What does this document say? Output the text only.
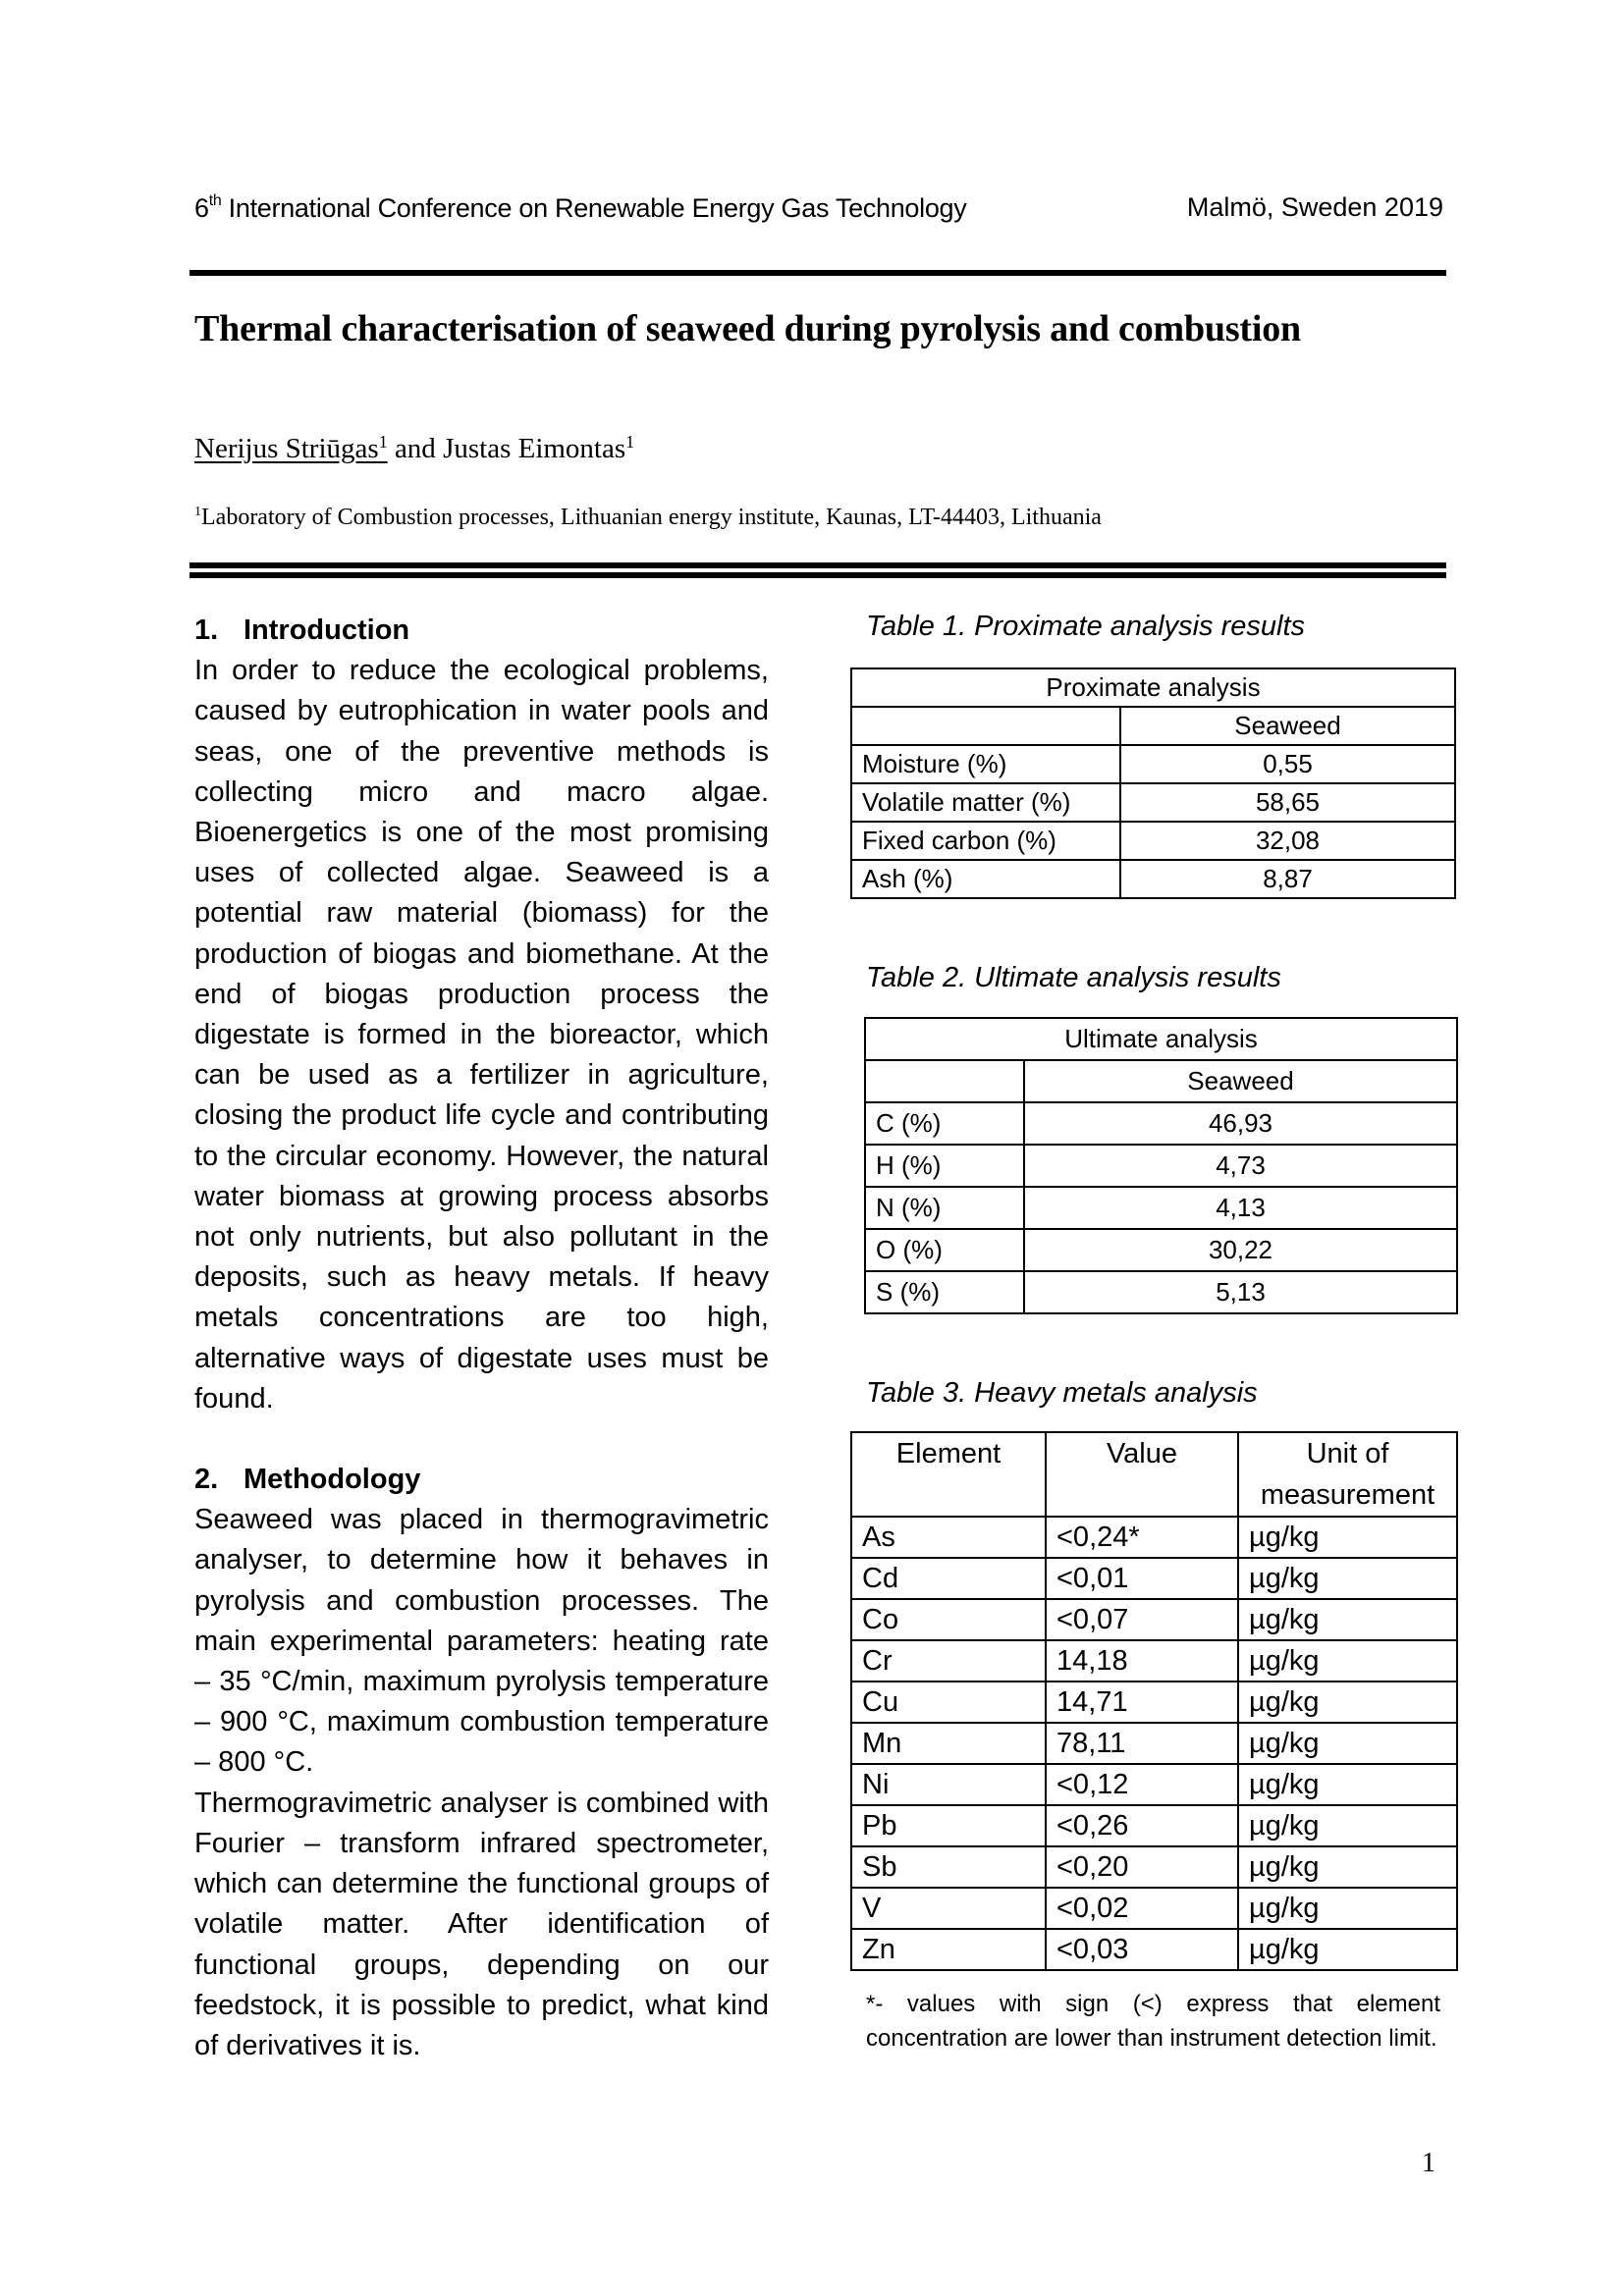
6th International Conference on Renewable Energy Gas Technology	Malmö, Sweden 2019
Thermal characterisation of seaweed during pyrolysis and combustion
Nerijus Striūgas$^1$ and Justas Eimontas$^1$
$^1$Laboratory of Combustion processes, Lithuanian energy institute, Kaunas, LT-44403, Lithuania
1. Introduction

In order to reduce the ecological problems, caused by eutrophication in water pools and seas, one of the preventive methods is collecting micro and macro algae. Bioenergetics is one of the most promising uses of collected algae. Seaweed is a potential raw material (biomass) for the production of biogas and biomethane. At the end of biogas production process the digestate is formed in the bioreactor, which can be used as a fertilizer in agriculture, closing the product life cycle and contributing to the circular economy. However, the natural water biomass at growing process absorbs not only nutrients, but also pollutant in the deposits, such as heavy metals. If heavy metals concentrations are too high, alternative ways of digestate uses must be found.

2. Methodology

Seaweed was placed in thermogravimetric analyser, to determine how it behaves in pyrolysis and combustion processes. The main experimental parameters: heating rate – 35 °C/min, maximum pyrolysis temperature – 900 °C, maximum combustion temperature – 800 °C.

Thermogravimetric analyser is combined with Fourier – transform infrared spectrometer, which can determine the functional groups of volatile matter. After identification of functional groups, depending on our feedstock, it is possible to predict, what kind of derivatives it is.

Table 1. Proximate analysis results
Proximate analysis	
	Seaweed
Moisture (%)	0,55
Volatile matter (%)	58,65
Fixed carbon (%)	32,08
Ash (%)	8,87
Table 2. Ultimate analysis results
Ultimate analysis	
	Seaweed
C (%)	46,93
H (%)	4,73
N (%)	4,13
O (%)	30,22
S (%)	5,13
Table 3. Heavy metals analysis
Element	Value	Unit of measurement
As	<0,24*	µg/kg
Cd	<0,01	µg/kg
Co	<0,07	µg/kg
Cr	14,18	µg/kg
Cu	14,71	µg/kg
Mn	78,11	µg/kg
Ni	<0,12	µg/kg
Pb	<0,26	µg/kg
Sb	<0,20	µg/kg
V	<0,02	µg/kg
Zn	<0,03	µg/kg
*- values with sign (<) express that element concentration are lower than instrument detection limit.
1
